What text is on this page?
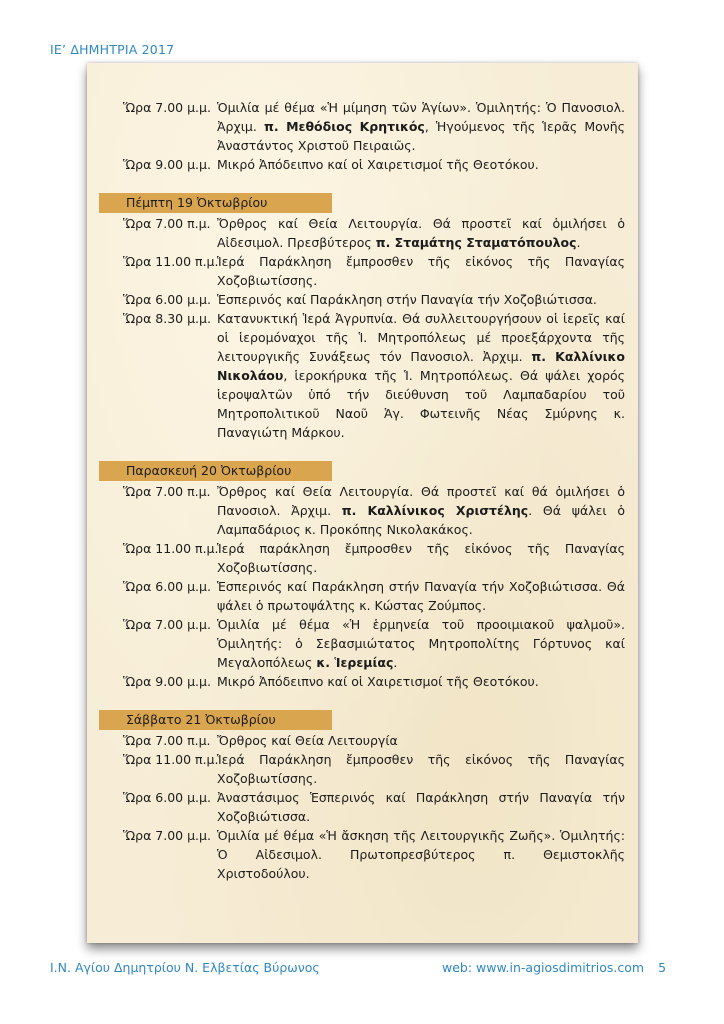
ΙΕ’ ΔΗΜΗΤΡΙΑ 2017
Ὥρα 7.00 μ.μ. Ὁμιλία μέ θέμα «Ἡ μίμηση τῶν Ἁγίων». Ὁμιλητής: Ὁ Πανοσιολ. Ἀρχιμ. π. Μεθόδιος Κρητικός, Ἡγούμενος τῆς Ἱερᾶς Μονῆς Ἀναστάντος Χριστοῦ Πειραιῶς.
Ὥρα 9.00 μ.μ. Μικρό Ἀπόδειπνο καί οἱ Χαιρετισμοί τῆς Θεοτόκου.
Πέμπτη 19 Ὀκτωβρίου
Ὥρα 7.00 π.μ. Ὄρθρος καί Θεία Λειτουργία. Θά προστεῖ καί ὁμιλήσει ὁ Αἰδεσιμολ. Πρεσβύτερος π. Σταμάτης Σταματόπουλος.
Ὥρα 11.00 π.μ.
Ἱερά Παράκληση ἔμπροσθεν τῆς εἰκόνος τῆς Παναγίας Χοζοβιωτίσσης.
Ὥρα 6.00 μ.μ. Ἑσπερινός καί Παράκληση στήν Παναγία τήν Χοζοβιώτισσα.
Ὥρα 8.30 μ.μ. Κατανυκτική Ἱερά Ἀγρυπνία. Θά συλλειτουργήσουν οἱ ἱερεῖς καί οἱ ἱερομόναχοι τῆς Ἱ. Μητροπόλεως μέ προεξάρχοντα τῆς λειτουργικῆς Συνάξεως τόν Πανοσιολ. Ἀρχιμ. π. Καλλίνικο Νικολάου, ἱεροκήρυκα τῆς Ἱ. Μητροπόλεως. Θά ψάλει χορός ἱεροψαλτῶν ὑπό τήν διεύθυνση τοῦ Λαμπαδαρίου τοῦ Μητροπολιτικοῦ Ναοῦ Ἁγ. Φωτεινῆς Νέας Σμύρνης κ. Παναγιώτη Μάρκου.
Παρασκευή 20 Ὀκτωβρίου
Ὥρα 7.00 π.μ. Ὄρθρος καί Θεία Λειτουργία. Θά προστεῖ καί θά ὁμιλήσει ὁ Πανοσιολ. Ἀρχιμ. π. Καλλίνικος Χριστέλης. Θά ψάλει ὁ Λαμπαδάριος κ. Προκόπης Νικολακάκος.
Ὥρα 11.00 π.μ.
Ἱερά παράκληση ἔμπροσθεν τῆς εἰκόνος τῆς Παναγίας Χοζοβιωτίσσης.
Ὥρα 6.00 μ.μ. Ἑσπερινός καί Παράκληση στήν Παναγία τήν Χοζοβιώτισσα. Θά ψάλει ὁ πρωτοψάλτης κ. Κώστας Ζούμπος.
Ὥρα 7.00 μ.μ. Ὁμιλία μέ θέμα «Ἡ ἑρμηνεία τοῦ προοιμιακοῦ ψαλμοῦ». Ὁμιλητής: ὁ Σεβασμιώτατος Μητροπολίτης Γόρτυνος καί Μεγαλοπόλεως κ. Ἱερεμίας.
Ὥρα 9.00 μ.μ. Μικρό Ἀπόδειπνο καί οἱ Χαιρετισμοί τῆς Θεοτόκου.
Σάββατο 21 Ὀκτωβρίου
Ὥρα 7.00 π.μ. Ὄρθρος καί Θεία Λειτουργία
Ὥρα 11.00 π.μ.
Ἱερά Παράκληση ἔμπροσθεν τῆς εἰκόνος τῆς Παναγίας Χοζοβιωτίσσης.
Ὥρα 6.00 μ.μ. Ἀναστάσιμος Ἑσπερινός καί Παράκληση στήν Παναγία τήν Χοζοβιώτισσα.
Ὥρα 7.00 μ.μ. Ὁμιλία μέ θέμα «Ἡ ἄσκηση τῆς Λειτουργικῆς Ζωῆς». Ὁμιλητής: Ὁ Αἰδεσιμολ. Πρωτοπρεσβύτερος π. Θεμιστοκλῆς Χριστοδούλου.
Ι.Ν. Αγίου Δημητρίου Ν. Ελβετίας Βύρωνος	web: www.in-agiosdimitrios.com 5
